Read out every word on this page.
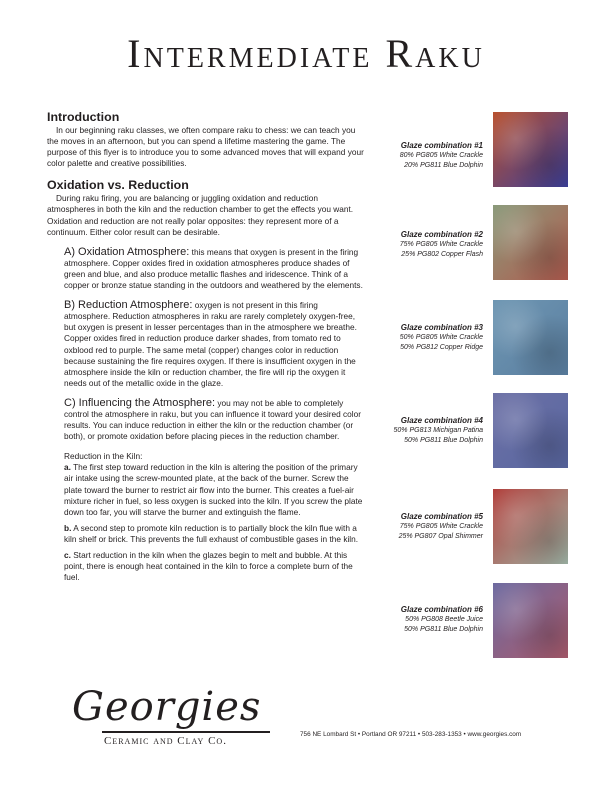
Intermediate Raku

Introduction

In our beginning raku classes, we often compare raku to chess: we can teach you the moves in an afternoon, but you can spend a lifetime mastering the game. The purpose of this flyer is to introduce you to some advanced moves that will expand your color palette and creative possibilities.

Oxidation vs. Reduction

During raku firing, you are balancing or juggling oxidation and reduction atmospheres in both the kiln and the reduction chamber to get the effects you want. Oxidation and reduction are not really polar opposites: they represent more of a continuum. Either color result can be desirable.

A) Oxidation Atmosphere: this means that oxygen is present in the firing atmosphere. Copper oxides fired in oxidation atmospheres produce shades of green and blue, and also produce metallic flashes and iridescence. Think of a copper or bronze statue standing in the outdoors and weathered by the elements.

B) Reduction Atmosphere: oxygen is not present in this firing atmosphere. Reduction atmospheres in raku are rarely completely oxygen-free, but oxygen is present in lesser percentages than in the atmosphere we breathe. Copper oxides fired in reduction produce darker shades, from tomato red to oxblood red to purple. The same metal (copper) changes color in reduction because sustaining the fire requires oxygen. If there is insufficient oxygen in the atmosphere inside the kiln or reduction chamber, the fire will rip the oxygen it needs out of the metallic oxide in the glaze.

C) Influencing the Atmosphere: you may not be able to completely control the atmosphere in raku, but you can influence it toward your desired color results. You can induce reduction in either the kiln or the reduction chamber (or both), or promote oxidation before placing pieces in the reduction chamber.

Reduction in the Kiln:

a. The first step toward reduction in the kiln is altering the position of the primary air intake using the screw-mounted plate, at the back of the burner. Screw the plate toward the burner to restrict air flow into the burner. This creates a fuel-air mixture richer in fuel, so less oxygen is sucked into the kiln. If you screw the plate down too far, you will starve the burner and extinguish the flame.

b. A second step to promote kiln reduction is to partially block the kiln flue with a kiln shelf or brick. This prevents the full exhaust of combustible gases in the kiln.

c. Start reduction in the kiln when the glazes begin to melt and bubble. At this point, there is enough heat contained in the kiln to force a complete burn of the fuel.

Glaze combination #1
80% PG805 White Crackle
20% PG811 Blue Dolphin
Glaze combination #2
75% PG805 White Crackle
25% PG802 Copper Flash
Glaze combination #3
50% PG805 White Crackle
50% PG812 Copper Ridge
Glaze combination #4
50% PG813 Michigan Patina
50% PG811 Blue Dolphin
Glaze combination #5
75% PG805 White Crackle
25% PG807 Opal Shimmer
Glaze combination #6
50% PG808 Beetle Juice
50% PG811 Blue Dolphin
Georgies
Ceramic and Clay Co.
756 NE Lombard St • Portland OR 97211 • 503-283-1353 • www.georgies.com
